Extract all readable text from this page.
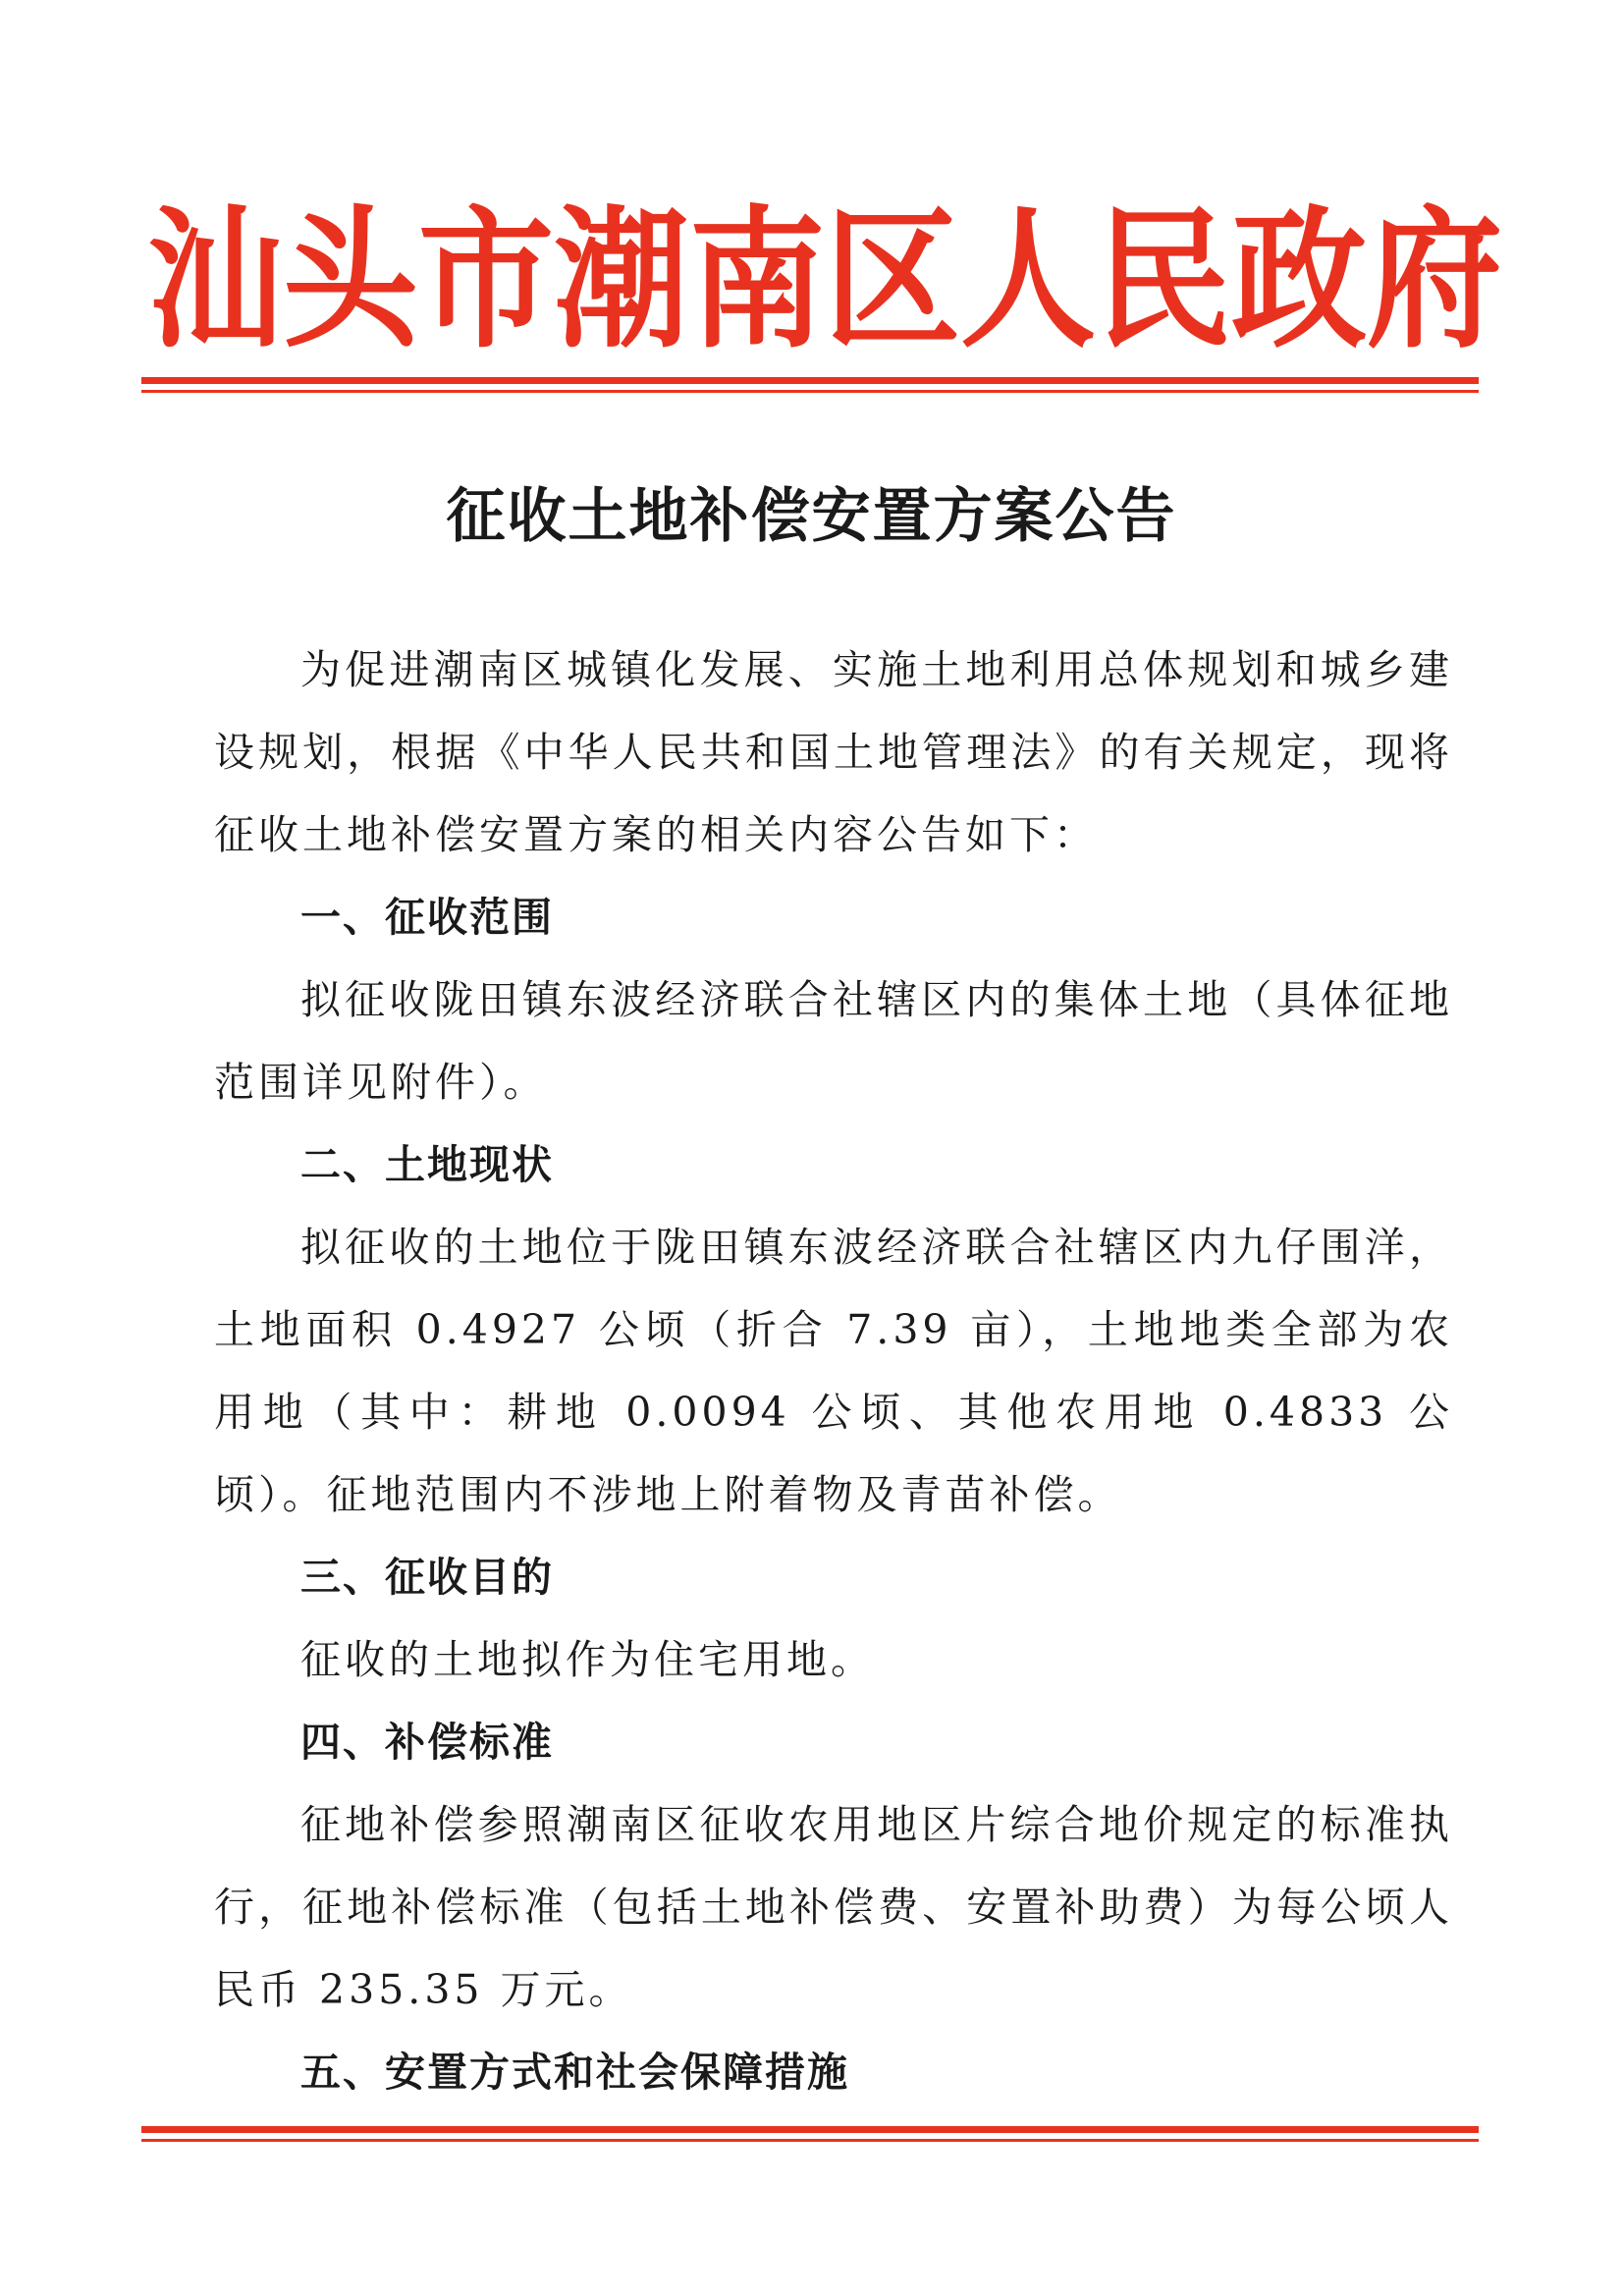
汕 头 市 潮 南 区 人 民 政 府
征收土地补偿安置方案公告

为促进潮南区城镇化发展、实施土地利用总体规划和城乡建设规划，根据《中华人民共和国土地管理法》的有关规定，现将征收土地补偿安置方案的相关内容公告如下：

一、征收范围

拟征收陇田镇东波经济联合社辖区内的集体土地（具体征地范围详见附件）。

二、土地现状

拟征收的土地位于陇田镇东波经济联合社辖区内九仔围洋，土地面积 0.4927 公顷（折合 7.39 亩），土地地类全部为农用地（其中：耕地 0.0094 公顷、其他农用地 0.4833 公顷）。征地范围内不涉地上附着物及青苗补偿。

三、征收目的

征收的土地拟作为住宅用地。

四、补偿标准

征地补偿参照潮南区征收农用地区片综合地价规定的标准执行，征地补偿标准（包括土地补偿费、安置补助费）为每公顷人民币 235.35 万元。

五、安置方式和社会保障措施
